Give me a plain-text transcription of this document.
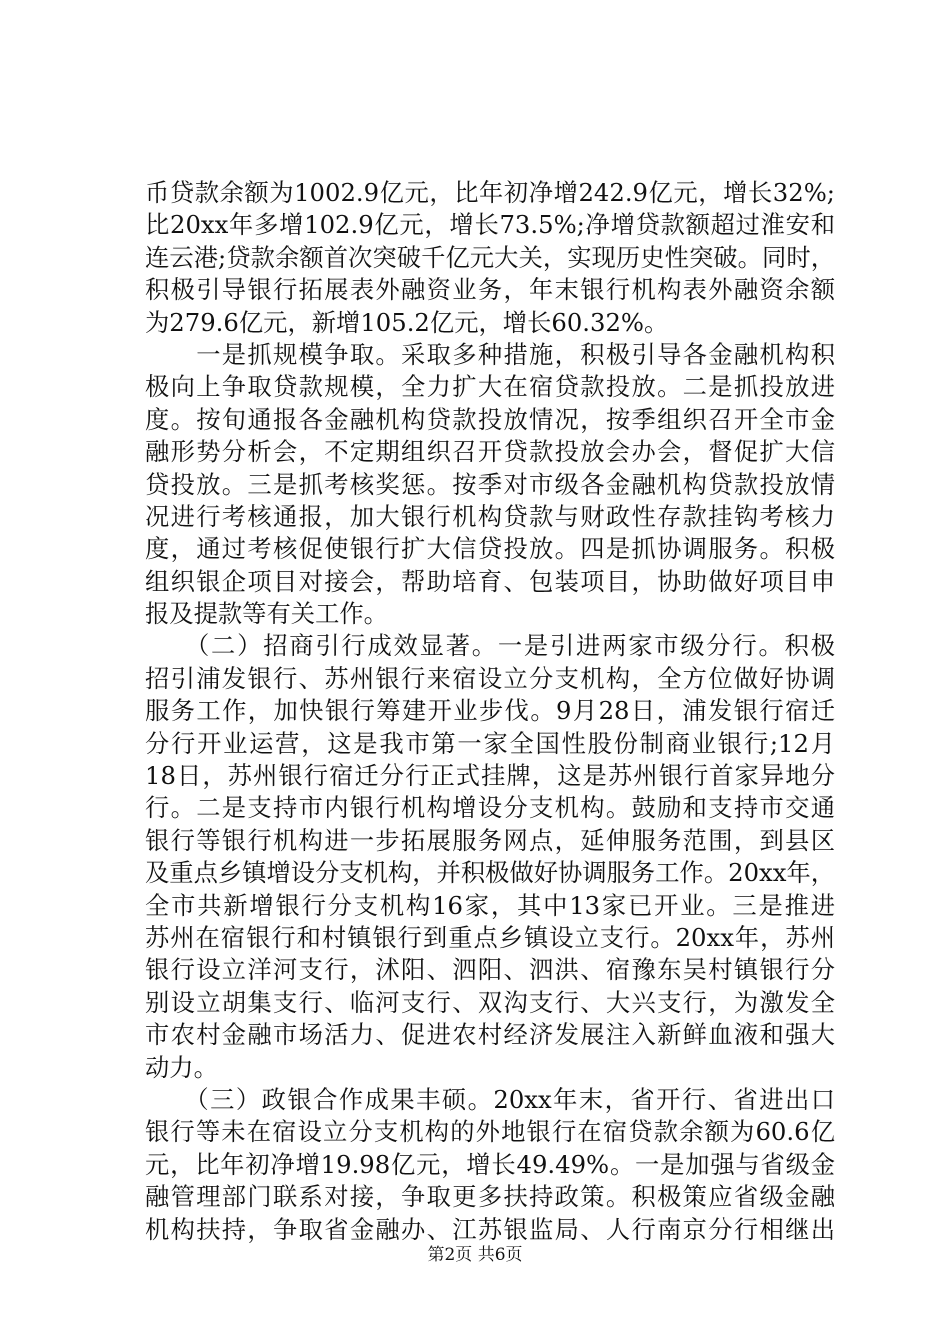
币贷款余额为1002.9亿元，比年初净增242.9亿元，增长32%;
比20xx年多增102.9亿元，增长73.5%;净增贷款额超过淮安和
连云港;贷款余额首次突破千亿元大关，实现历史性突破。同时，
积极引导银行拓展表外融资业务，年末银行机构表外融资余额
为279.6亿元，新增105.2亿元，增长60.32%。
　　一是抓规模争取。采取多种措施，积极引导各金融机构积
极向上争取贷款规模，全力扩大在宿贷款投放。二是抓投放进
度。按旬通报各金融机构贷款投放情况，按季组织召开全市金
融形势分析会，不定期组织召开贷款投放会办会，督促扩大信
贷投放。三是抓考核奖惩。按季对市级各金融机构贷款投放情
况进行考核通报，加大银行机构贷款与财政性存款挂钩考核力
度，通过考核促使银行扩大信贷投放。四是抓协调服务。积极
组织银企项目对接会，帮助培育、包装项目，协助做好项目申
报及提款等有关工作。
　　（二）招商引行成效显著。一是引进两家市级分行。积极
招引浦发银行、苏州银行来宿设立分支机构，全方位做好协调
服务工作，加快银行筹建开业步伐。9月28日，浦发银行宿迁
分行开业运营，这是我市第一家全国性股份制商业银行;12月
18日，苏州银行宿迁分行正式挂牌，这是苏州银行首家异地分
行。二是支持市内银行机构增设分支机构。鼓励和支持市交通
银行等银行机构进一步拓展服务网点，延伸服务范围，到县区
及重点乡镇增设分支机构，并积极做好协调服务工作。20xx年，
全市共新增银行分支机构16家，其中13家已开业。三是推进
苏州在宿银行和村镇银行到重点乡镇设立支行。20xx年，苏州
银行设立洋河支行，沭阳、泗阳、泗洪、宿豫东吴村镇银行分
别设立胡集支行、临河支行、双沟支行、大兴支行，为激发全
市农村金融市场活力、促进农村经济发展注入新鲜血液和强大
动力。
　　（三）政银合作成果丰硕。20xx年末，省开行、省进出口
银行等未在宿设立分支机构的外地银行在宿贷款余额为60.6亿
元，比年初净增19.98亿元，增长49.49%。一是加强与省级金
融管理部门联系对接，争取更多扶持政策。积极策应省级金融
机构扶持，争取省金融办、江苏银监局、人行南京分行相继出
第2页 共6页
